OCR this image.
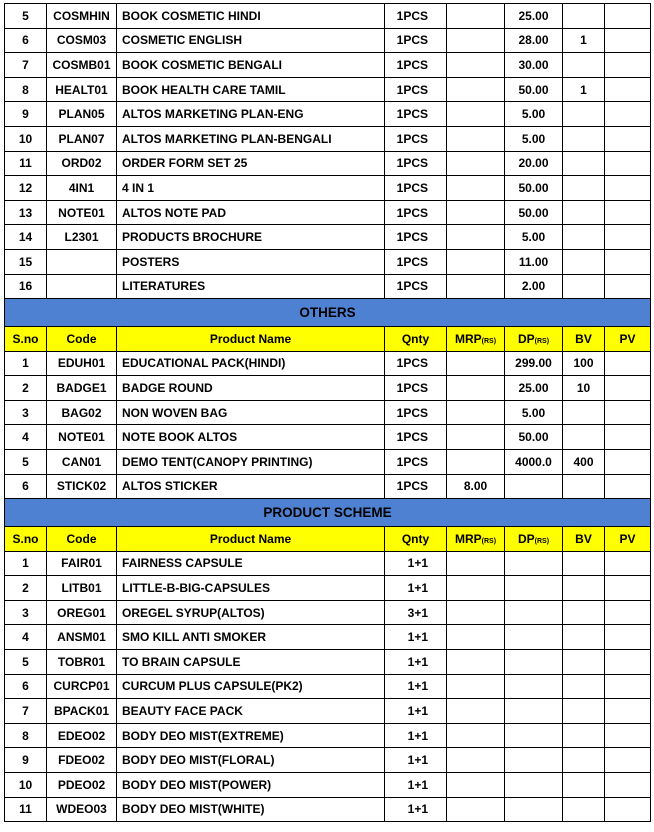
5	COSMHIN	BOOK COSMETIC HINDI	1PCS		25.00		
6	COSM03	COSMETIC ENGLISH	1PCS		28.00	1	
7	COSMB01	BOOK COSMETIC BENGALI	1PCS		30.00		
8	HEALT01	BOOK HEALTH CARE TAMIL	1PCS		50.00	1	
9	PLAN05	ALTOS MARKETING PLAN-ENG	1PCS		5.00		
10	PLAN07	ALTOS MARKETING PLAN-BENGALI	1PCS		5.00		
11	ORD02	ORDER FORM SET 25	1PCS		20.00		
12	4IN1	4 IN 1	1PCS		50.00		
13	NOTE01	ALTOS NOTE PAD	1PCS		50.00		
14	L2301	PRODUCTS BROCHURE	1PCS		5.00		
15		POSTERS	1PCS		11.00		
16		LITERATURES	1PCS		2.00		
OTHERS							
S.no	Code	Product Name	Qnty	MRP(RS)	DP(RS)	BV	PV
1	EDUH01	EDUCATIONAL PACK(HINDI)	1PCS		299.00	100	
2	BADGE1	BADGE ROUND	1PCS		25.00	10	
3	BAG02	NON WOVEN BAG	1PCS		5.00		
4	NOTE01	NOTE BOOK ALTOS	1PCS		50.00		
5	CAN01	DEMO TENT(CANOPY PRINTING)	1PCS		4000.0	400	
6	STICK02	ALTOS STICKER	1PCS	8.00			
PRODUCT SCHEME							
S.no	Code	Product Name	Qnty	MRP(RS)	DP(RS)	BV	PV
1	FAIR01	FAIRNESS CAPSULE	1+1				
2	LITB01	LITTLE-B-BIG-CAPSULES	1+1				
3	OREG01	OREGEL SYRUP(ALTOS)	3+1				
4	ANSM01	SMO KILL ANTI SMOKER	1+1				
5	TOBR01	TO BRAIN CAPSULE	1+1				
6	CURCP01	CURCUM PLUS CAPSULE(PK2)	1+1				
7	BPACK01	BEAUTY FACE PACK	1+1				
8	EDEO02	BODY DEO MIST(EXTREME)	1+1				
9	FDEO02	BODY DEO MIST(FLORAL)	1+1				
10	PDEO02	BODY DEO MIST(POWER)	1+1				
11	WDEO03	BODY DEO MIST(WHITE)	1+1				
